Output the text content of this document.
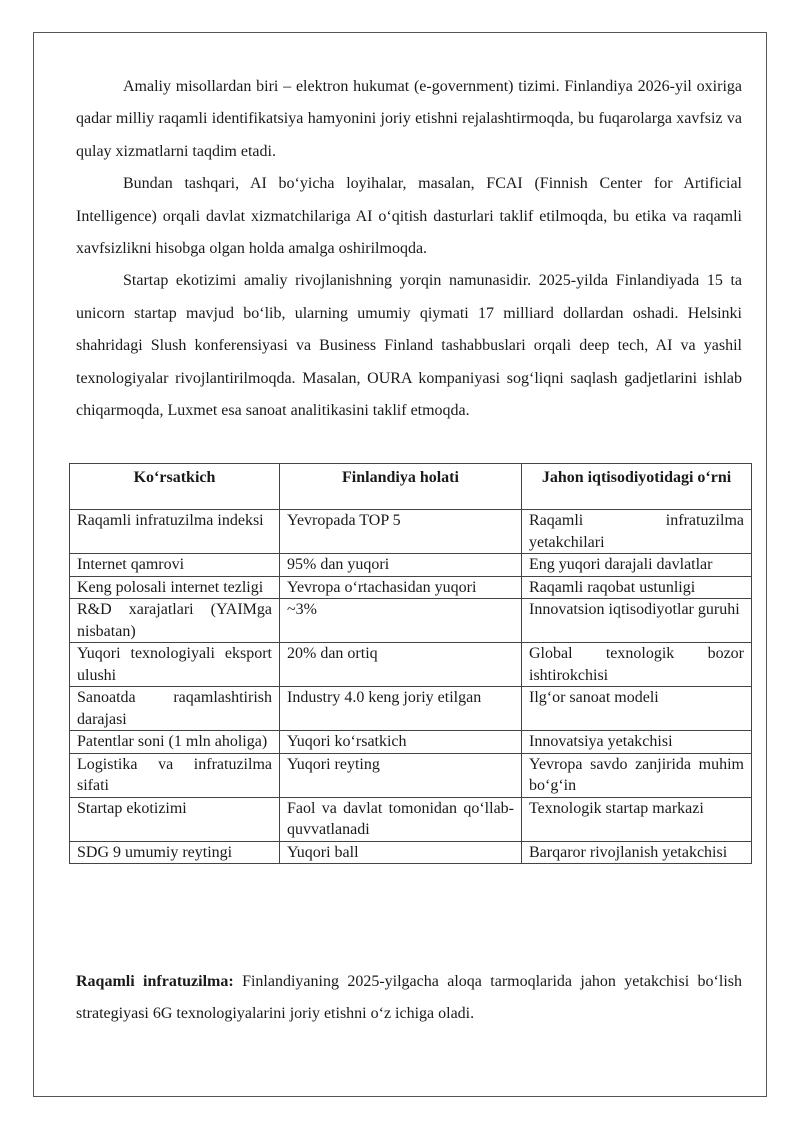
Amaliy misollardan biri – elektron hukumat (e-government) tizimi. Finlandiya 2026-yil oxiriga qadar milliy raqamli identifikatsiya hamyonini joriy etishni rejalashtirmoqda, bu fuqarolarga xavfsiz va qulay xizmatlarni taqdim etadi.

Bundan tashqari, AI bo‘yicha loyihalar, masalan, FCAI (Finnish Center for Artificial Intelligence) orqali davlat xizmatchilariga AI o‘qitish dasturlari taklif etilmoqda, bu etika va raqamli xavfsizlikni hisobga olgan holda amalga oshirilmoqda.

Startap ekotizimi amaliy rivojlanishning yorqin namunasidir. 2025-yilda Finlandiyada 15 ta unicorn startap mavjud bo‘lib, ularning umumiy qiymati 17 milliard dollardan oshadi. Helsinki shahridagi Slush konferensiyasi va Business Finland tashabbuslari orqali deep tech, AI va yashil texnologiyalar rivojlantirilmoqda. Masalan, OURA kompaniyasi sog‘liqni saqlash gadjetlarini ishlab chiqarmoqda, Luxmet esa sanoat analitikasini taklif etmoqda.

Ko‘rsatkich	Finlandiya holati	Jahon iqtisodiyotidagi o‘rni
Raqamli infratuzilma indeksi	Yevropada TOP 5	Raqamli infratuzilma yetakchilari
Internet qamrovi	95% dan yuqori	Eng yuqori darajali davlatlar
Keng polosali internet tezligi	Yevropa o‘rtachasidan yuqori	Raqamli raqobat ustunligi
R&D xarajatlari (YAIMga nisbatan)	~3%	Innovatsion iqtisodiyotlar guruhi
Yuqori texnologiyali eksport ulushi	20% dan ortiq	Global texnologik bozor ishtirokchisi
Sanoatda raqamlashtirish darajasi	Industry 4.0 keng joriy etilgan	Ilg‘or sanoat modeli
Patentlar soni (1 mln aholiga)	Yuqori ko‘rsatkich	Innovatsiya yetakchisi
Logistika va infratuzilma sifati	Yuqori reyting	Yevropa savdo zanjirida muhim bo‘g‘in
Startap ekotizimi	Faol va davlat tomonidan qo‘llab-quvvatlanadi	Texnologik startap markazi
SDG 9 umumiy reytingi	Yuqori ball	Barqaror rivojlanish yetakchisi

Raqamli infratuzilma: Finlandiyaning 2025-yilgacha aloqa tarmoqlarida jahon yetakchisi bo‘lish strategiyasi 6G texnologiyalarini joriy etishni o‘z ichiga oladi.
